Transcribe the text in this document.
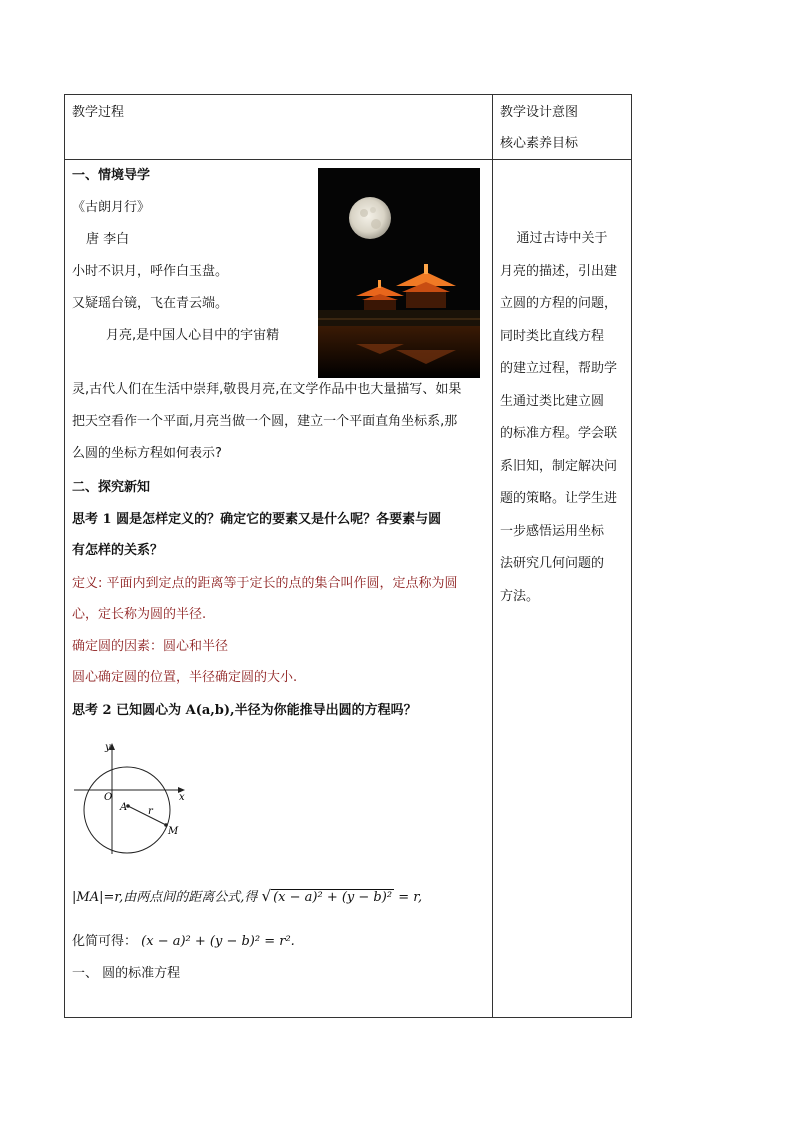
教学过程	教学设计意图
核心素养目标
一、情境导学
《古朗月行》
唐 李白
小时不识月，呼作白玉盘。
又疑瑶台镜，飞在青云端。
月亮,是中国人心目中的宇宙精
灵,古代人们在生活中崇拜,敬畏月亮,在文学作品中也大量描写、如果
把天空看作一个平面,月亮当做一个圆，建立一个平面直角坐标系,那
么圆的坐标方程如何表示?
二、探究新知
思考 1 圆是怎样定义的？确定它的要素又是什么呢？各要素与圆
有怎样的关系？
定义: 平面内到定点的距离等于定长的点的集合叫作圆，定点称为圆
心，定长称为圆的半径.
确定圆的因素：圆心和半径
圆心确定圆的位置，半径确定圆的大小.
思考 2 已知圆心为 A(a,b),半径为你能推导出圆的方程吗？
y
x
O
A r
M
|MA|=r,由两点间的距离公式,得 √ (x − a)² + (y − b)² = r,
化简可得： (x − a)² + (y − b)² = r².
一、 圆的标准方程
通过古诗中关于
月亮的描述，引出建
立圆的方程的问题，
同时类比直线方程
的建立过程，帮助学
生通过类比建立圆
的标准方程。学会联
系旧知，制定解决问
题的策略。让学生进
一步感悟运用坐标
法研究几何问题的
方法。
